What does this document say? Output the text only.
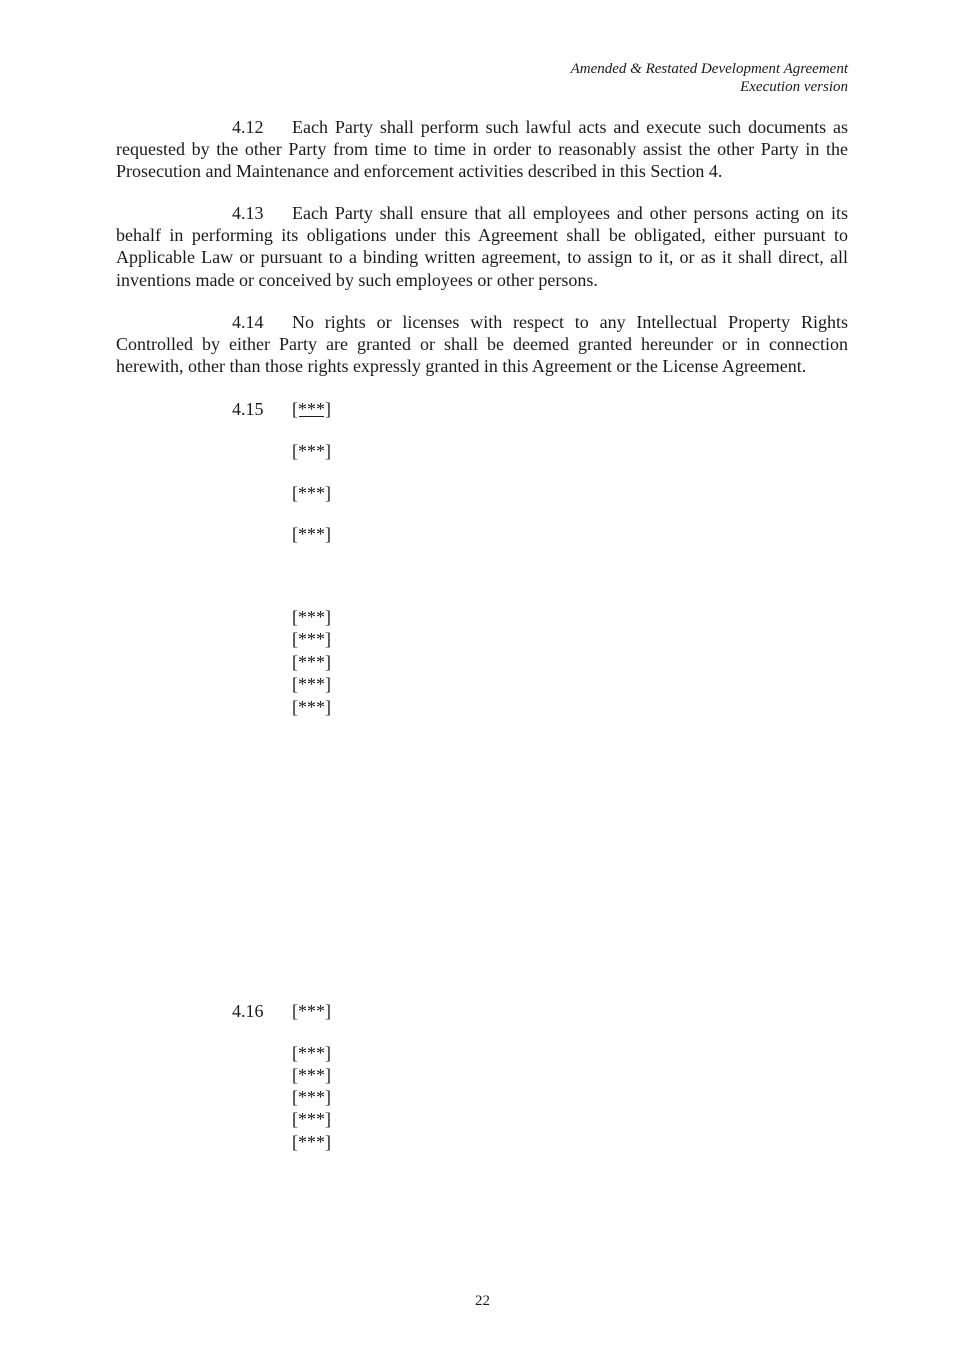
Amended & Restated Development Agreement
Execution version

4.12 Each Party shall perform such lawful acts and execute such documents as requested by the other Party from time to time in order to reasonably assist the other Party in the Prosecution and Maintenance and enforcement activities described in this Section 4.

4.13 Each Party shall ensure that all employees and other persons acting on its behalf in performing its obligations under this Agreement shall be obligated, either pursuant to Applicable Law or pursuant to a binding written agreement, to assign to it, or as it shall direct, all inventions made or conceived by such employees or other persons.

4.14 No rights or licenses with respect to any Intellectual Property Rights Controlled by either Party are granted or shall be deemed granted hereunder or in connection herewith, other than those rights expressly granted in this Agreement or the License Agreement.

4.15 [***]
[***]
[***]
[***]
[***]
[***]
[***]
[***]
[***]
4.16 [***]
[***]
[***]
[***]
[***]
[***]
22
